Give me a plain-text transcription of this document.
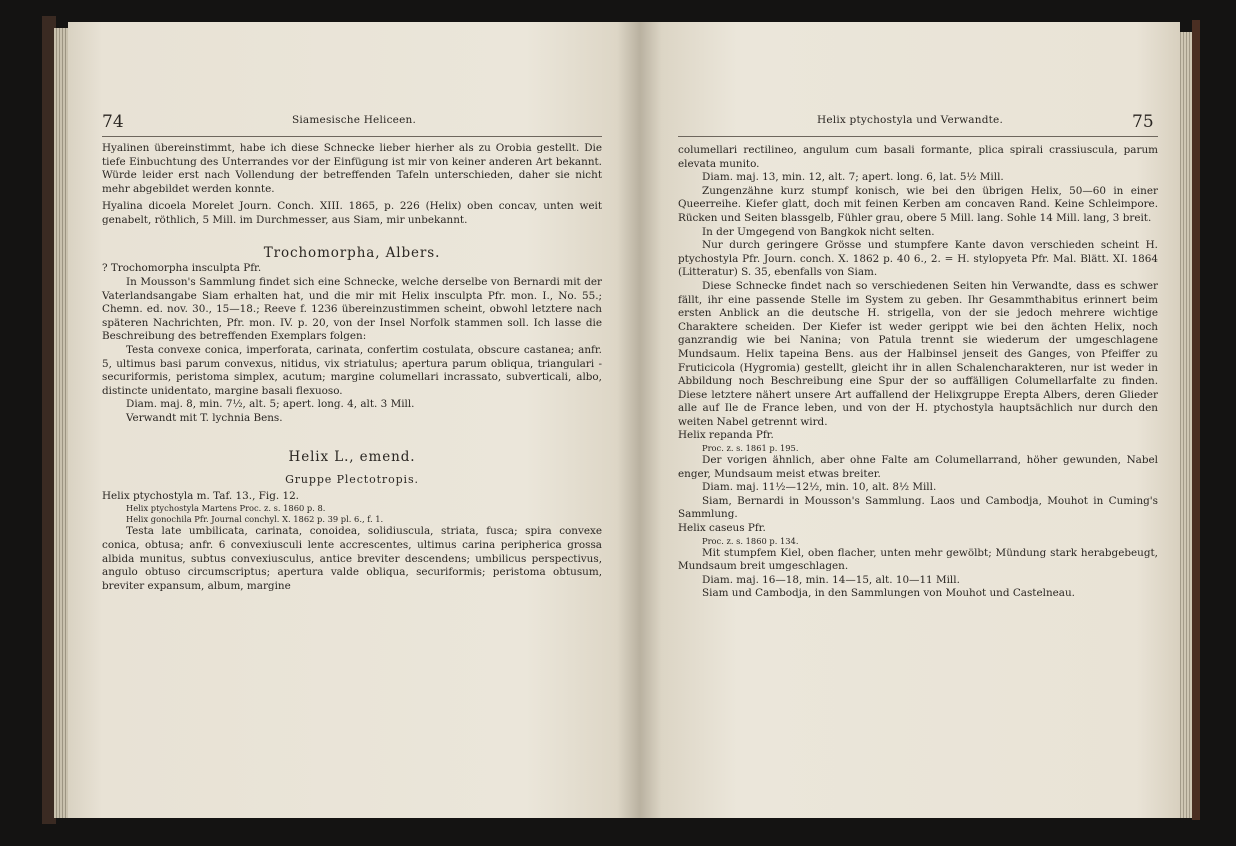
74	Siamesische Heliceen.

Hyalinen übereinstimmt, habe ich diese Schnecke lieber hierher als zu Orobia gestellt. Die tiefe Einbuchtung des Unterrandes vor der Einfügung ist mir von keiner anderen Art bekannt. Würde leider erst nach Vollendung der betreffenden Tafeln unterschieden, daher sie nicht mehr abgebildet werden konnte.

Hyalina dicoela Morelet Journ. Conch. XIII. 1865, p. 226 (Helix) oben concav, unten weit genabelt, röthlich, 5 Mill. im Durchmesser, aus Siam, mir unbekannt.

Trochomorpha, Albers.

? Trochomorpha insculpta Pfr.

In Mousson's Sammlung findet sich eine Schnecke, welche derselbe von Bernardi mit der Vaterlandsangabe Siam erhalten hat, und die mir mit Helix insculpta Pfr. mon. I., No. 55.; Chemn. ed. nov. 30., 15—18.; Reeve f. 1236 übereinzustimmen scheint, obwohl letztere nach späteren Nachrichten, Pfr. mon. IV. p. 20, von der Insel Norfolk stammen soll. Ich lasse die Beschreibung des betreffenden Exemplars folgen:

Testa convexe conica, imperforata, carinata, confertim costulata, obscure castanea; anfr. 5, ultimus basi parum convexus, nitidus, vix striatulus; apertura parum obliqua, triangulari - securiformis, peristoma simplex, acutum; margine columellari incrassato, subverticali, albo, distincte unidentato, margine basali flexuoso.

Diam. maj. 8, min. 7½, alt. 5; apert. long. 4, alt. 3 Mill.

Verwandt mit T. lychnia Bens.

Helix L., emend.

Gruppe Plectotropis.

Helix ptychostyla m. Taf. 13., Fig. 12.

Helix ptychostyla Martens Proc. z. s. 1860 p. 8.

Helix gonochila Pfr. Journal conchyl. X. 1862 p. 39 pl. 6., f. 1.

Testa late umbilicata, carinata, conoidea, solidiuscula, striata, fusca; spira convexe conica, obtusa; anfr. 6 convexiusculi lente accrescentes, ultimus carina peripherica grossa albida munitus, subtus convexiusculus, antice breviter descendens; umbilicus perspectivus, angulo obtuso circumscriptus; apertura valde obliqua, securiformis; peristoma obtusum, breviter expansum, album, margine

75
Helix ptychostyla und Verwandte.

columellari rectilineo, angulum cum basali formante, plica spirali crassiuscula, parum elevata munito.

Diam. maj. 13, min. 12, alt. 7; apert. long. 6, lat. 5½ Mill.

Zungenzähne kurz stumpf konisch, wie bei den übrigen Helix, 50—60 in einer Queerreihe. Kiefer glatt, doch mit feinen Kerben am concaven Rand. Keine Schleimpore. Rücken und Seiten blassgelb, Fühler grau, obere 5 Mill. lang. Sohle 14 Mill. lang, 3 breit.

In der Umgegend von Bangkok nicht selten.

Nur durch geringere Grösse und stumpfere Kante davon verschieden scheint H. ptychostyla Pfr. Journ. conch. X. 1862 p. 40 6., 2. = H. stylopyeta Pfr. Mal. Blätt. XI. 1864 (Litteratur) S. 35, ebenfalls von Siam.

Diese Schnecke findet nach so verschiedenen Seiten hin Verwandte, dass es schwer fällt, ihr eine passende Stelle im System zu geben. Ihr Gesammthabitus erinnert beim ersten Anblick an die deutsche H. strigella, von der sie jedoch mehrere wichtige Charaktere scheiden. Der Kiefer ist weder gerippt wie bei den ächten Helix, noch ganzrandig wie bei Nanina; von Patula trennt sie wiederum der umgeschlagene Mundsaum. Helix tapeina Bens. aus der Halbinsel jenseit des Ganges, von Pfeiffer zu Fruticicola (Hygromia) gestellt, gleicht ihr in allen Schalencharakteren, nur ist weder in Abbildung noch Beschreibung eine Spur der so auffälligen Columellarfalte zu finden. Diese letztere nähert unsere Art auffallend der Helixgruppe Erepta Albers, deren Glieder alle auf Ile de France leben, und von der H. ptychostyla hauptsächlich nur durch den weiten Nabel getrennt wird.

Helix repanda Pfr.

Proc. z. s. 1861 p. 195.

Der vorigen ähnlich, aber ohne Falte am Columellarrand, höher gewunden, Nabel enger, Mundsaum meist etwas breiter.

Diam. maj. 11½—12½, min. 10, alt. 8½ Mill.

Siam, Bernardi in Mousson's Sammlung. Laos und Cambodja, Mouhot in Cuming's Sammlung.

Helix caseus Pfr.

Proc. z. s. 1860 p. 134.

Mit stumpfem Kiel, oben flacher, unten mehr gewölbt; Mündung stark herabgebeugt, Mundsaum breit umgeschlagen.

Diam. maj. 16—18, min. 14—15, alt. 10—11 Mill.

Siam und Cambodja, in den Sammlungen von Mouhot und Castelneau.
